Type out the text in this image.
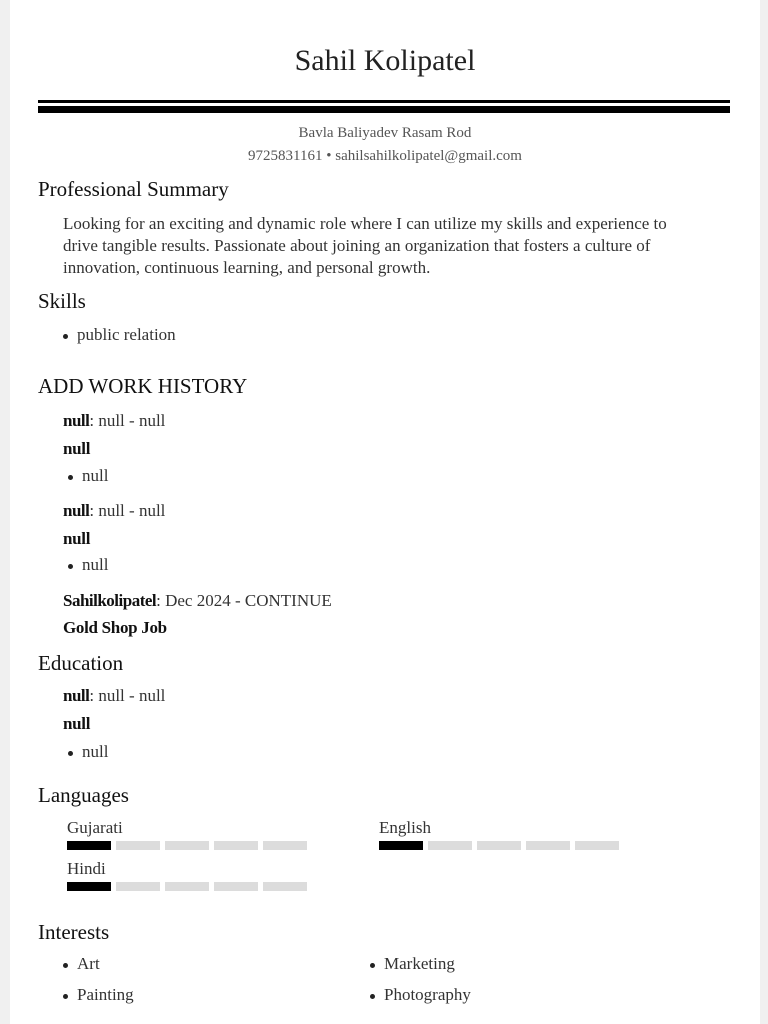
Sahil Kolipatel
Bavla Baliyadev Rasam Rod
9725831161 • sahilsahilkolipatel@gmail.com
Professional Summary
Looking for an exciting and dynamic role where I can utilize my skills and experience to
drive tangible results. Passionate about joining an organization that fosters a culture of
innovation, continuous learning, and personal growth.
Skills
public relation
ADD WORK HISTORY
null: null - null
null
null
null: null - null
null
null
Sahilkolipatel: Dec 2024 - CONTINUE
Gold Shop Job
Education
null: null - null
null
null
Languages
Gujarati	English
Hindi
Interests
Art	Marketing
Painting	Photography
